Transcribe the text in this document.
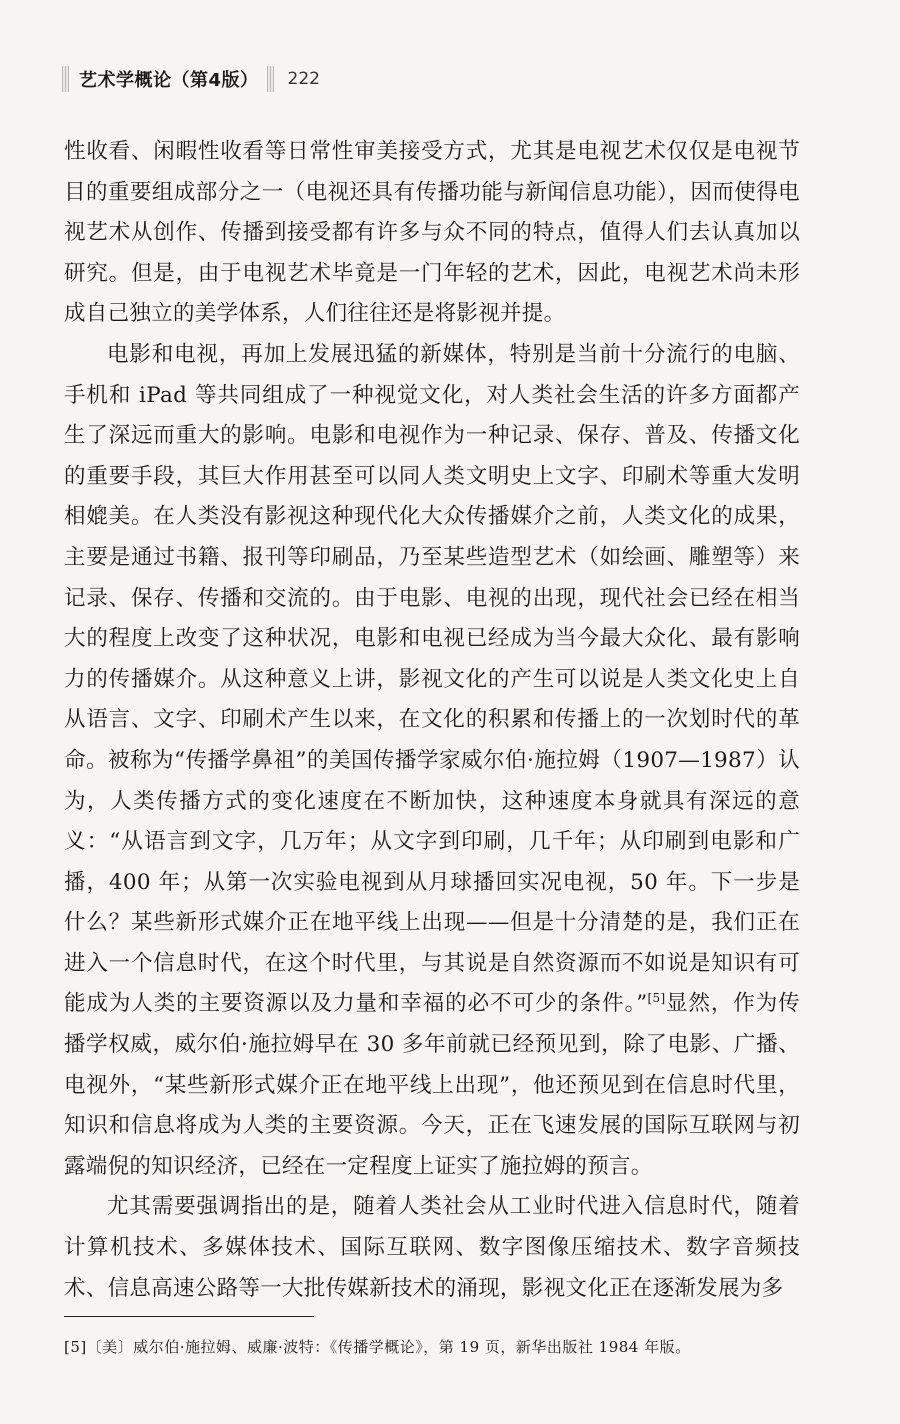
艺术学概论（第4版） 222

性收看、闲暇性收看等日常性审美接受方式，尤其是电视艺术仅仅是电视节目的重要组成部分之一（电视还具有传播功能与新闻信息功能），因而使得电视艺术从创作、传播到接受都有许多与众不同的特点，值得人们去认真加以研究。但是，由于电视艺术毕竟是一门年轻的艺术，因此，电视艺术尚未形成自己独立的美学体系，人们往往还是将影视并提。

电影和电视，再加上发展迅猛的新媒体，特别是当前十分流行的电脑、手机和 iPad 等共同组成了一种视觉文化，对人类社会生活的许多方面都产生了深远而重大的影响。电影和电视作为一种记录、保存、普及、传播文化的重要手段，其巨大作用甚至可以同人类文明史上文字、印刷术等重大发明相媲美。在人类没有影视这种现代化大众传播媒介之前，人类文化的成果，主要是通过书籍、报刊等印刷品，乃至某些造型艺术（如绘画、雕塑等）来记录、保存、传播和交流的。由于电影、电视的出现，现代社会已经在相当大的程度上改变了这种状况，电影和电视已经成为当今最大众化、最有影响力的传播媒介。从这种意义上讲，影视文化的产生可以说是人类文化史上自从语言、文字、印刷术产生以来，在文化的积累和传播上的一次划时代的革命。被称为“传播学鼻祖”的美国传播学家威尔伯·施拉姆（1907—1987）认为，人类传播方式的变化速度在不断加快，这种速度本身就具有深远的意义：“从语言到文字，几万年；从文字到印刷，几千年；从印刷到电影和广播，400 年；从第一次实验电视到从月球播回实况电视，50 年。下一步是什么？某些新形式媒介正在地平线上出现——但是十分清楚的是，我们正在进入一个信息时代，在这个时代里，与其说是自然资源而不如说是知识有可能成为人类的主要资源以及力量和幸福的必不可少的条件。”[5]显然，作为传播学权威，威尔伯·施拉姆早在 30 多年前就已经预见到，除了电影、广播、电视外，“某些新形式媒介正在地平线上出现”，他还预见到在信息时代里，知识和信息将成为人类的主要资源。今天，正在飞速发展的国际互联网与初露端倪的知识经济，已经在一定程度上证实了施拉姆的预言。

尤其需要强调指出的是，随着人类社会从工业时代进入信息时代，随着计算机技术、多媒体技术、国际互联网、数字图像压缩技术、数字音频技术、信息高速公路等一大批传媒新技术的涌现，影视文化正在逐渐发展为多

[5]〔美〕威尔伯·施拉姆、威廉·波特：《传播学概论》，第 19 页，新华出版社 1984 年版。
